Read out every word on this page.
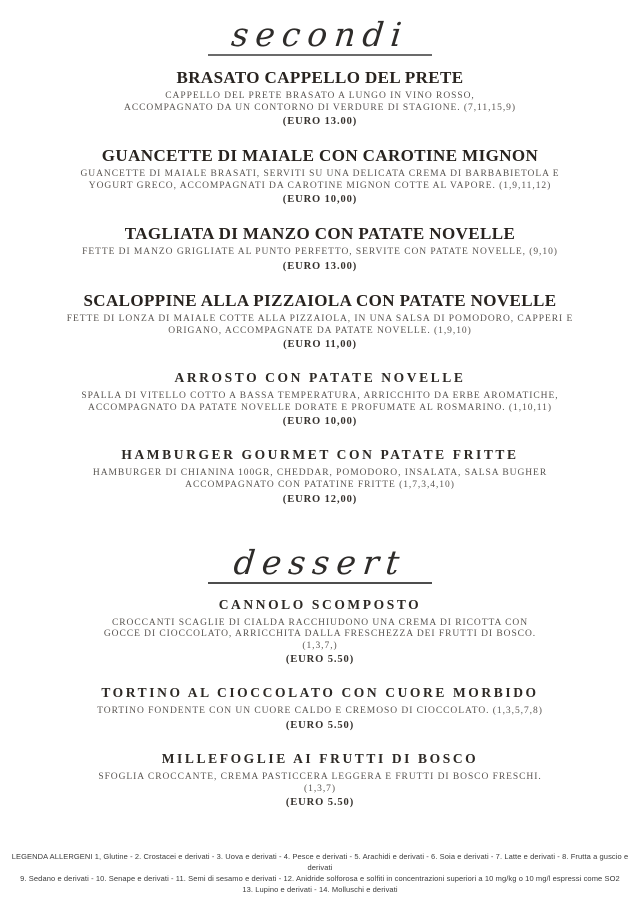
secondi
BRASATO CAPPELLO DEL PRETE
CAPPELLO DEL PRETE BRASATO A LUNGO IN VINO ROSSO,
ACCOMPAGNATO DA UN CONTORNO DI VERDURE DI STAGIONE. (7,11,15,9)
(EURO 13.00)
GUANCETTE DI MAIALE CON CAROTINE MIGNON
GUANCETTE DI MAIALE BRASATI, SERVITI SU UNA DELICATA CREMA DI BARBABIETOLA E
YOGURT GRECO, ACCOMPAGNATI DA CAROTINE MIGNON COTTE AL VAPORE. (1,9,11,12)
(EURO 10,00)
TAGLIATA DI MANZO CON PATATE NOVELLE
FETTE DI MANZO GRIGLIATE AL PUNTO PERFETTO, SERVITE CON PATATE NOVELLE, (9,10)
(EURO 13.00)
SCALOPPINE ALLA PIZZAIOLA CON PATATE NOVELLE
FETTE DI LONZA DI MAIALE COTTE ALLA PIZZAIOLA, IN UNA SALSA DI POMODORO, CAPPERI E
ORIGANO, ACCOMPAGNATE DA PATATE NOVELLE. (1,9,10)
(EURO 11,00)
ARROSTO CON PATATE NOVELLE
SPALLA DI VITELLO COTTO A BASSA TEMPERATURA, ARRICCHITO DA ERBE AROMATICHE,
ACCOMPAGNATO DA PATATE NOVELLE DORATE E PROFUMATE AL ROSMARINO. (1,10,11)
(EURO 10,00)
HAMBURGER GOURMET CON PATATE FRITTE
HAMBURGER DI CHIANINA 100GR, CHEDDAR, POMODORO, INSALATA, SALSA BUGHER
ACCOMPAGNATO CON PATATINE FRITTE (1,7,3,4,10)
(EURO 12,00)
dessert
CANNOLO SCOMPOSTO
CROCCANTI SCAGLIE DI CIALDA RACCHIUDONO UNA CREMA DI RICOTTA CON
GOCCE DI CIOCCOLATO, ARRICCHITA DALLA FRESCHEZZA DEI FRUTTI DI BOSCO.
(1,3,7,)
(EURO 5.50)
TORTINO AL CIOCCOLATO CON CUORE MORBIDO
TORTINO FONDENTE CON UN CUORE CALDO E CREMOSO DI CIOCCOLATO. (1,3,5,7,8)
(EURO 5.50)
MILLEFOGLIE AI FRUTTI DI BOSCO
SFOGLIA CROCCANTE, CREMA PASTICCERA LEGGERA E FRUTTI DI BOSCO FRESCHI.
(1,3,7)
(EURO 5.50)
LEGENDA ALLERGENI 1, Glutine - 2. Crostacei e derivati - 3. Uova e derivati - 4. Pesce e derivati - 5. Arachidi e derivati - 6. Soia e derivati - 7. Latte e derivati - 8. Frutta a guscio e derivati
9. Sedano e derivati - 10. Senape e derivati - 11. Semi di sesamo e derivati - 12. Anidride solforosa e solfiti in concentrazioni superiori a 10 mg/kg o 10 mg/l espressi come SO2
13. Lupino e derivati - 14. Molluschi e derivati
